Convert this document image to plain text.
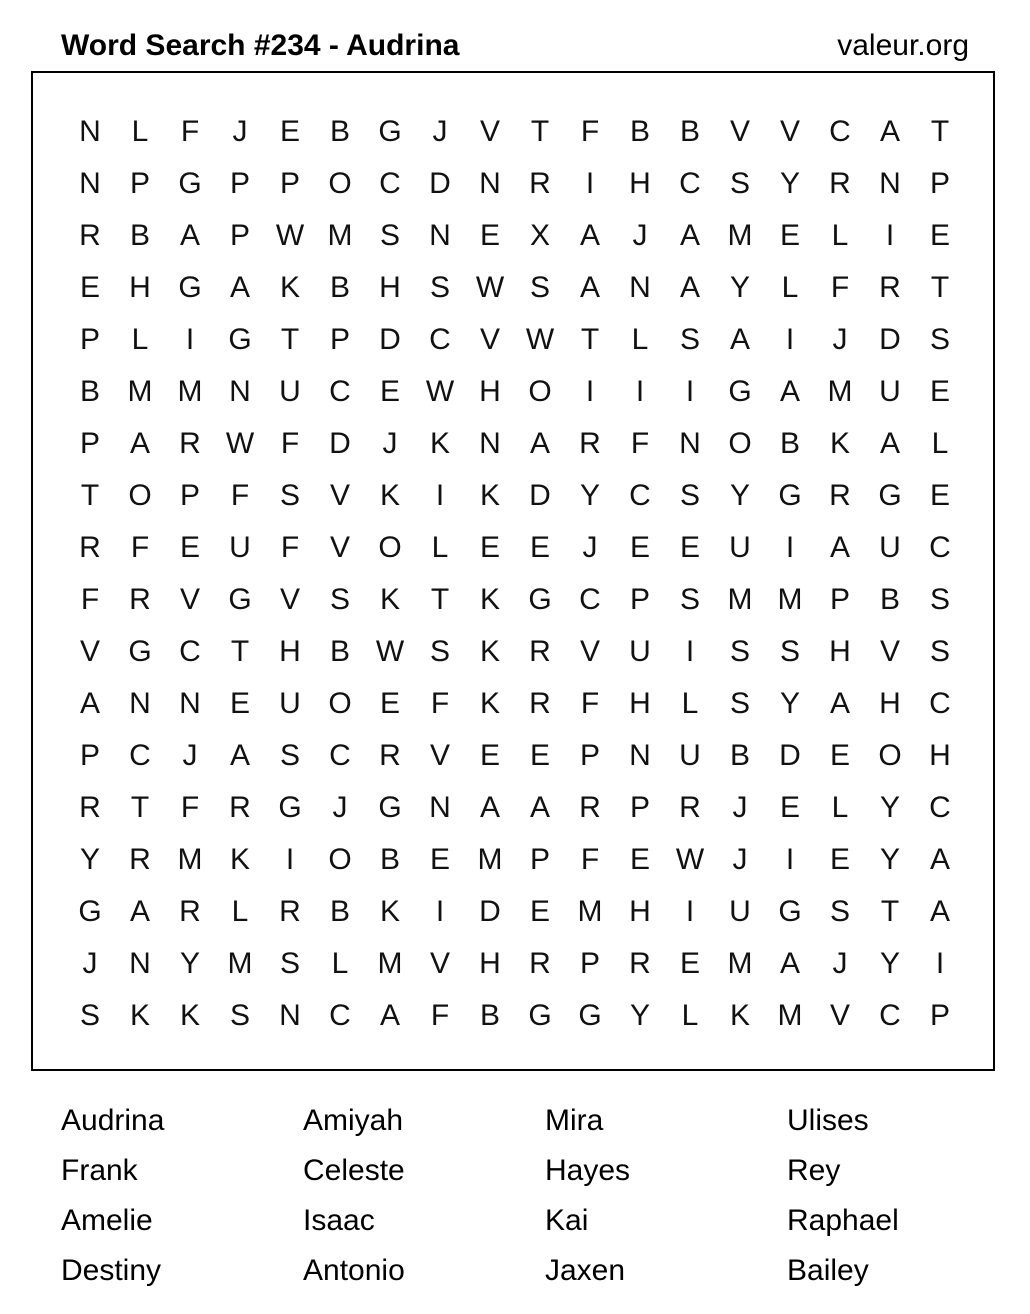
Word Search #234 - Audrina	valeur.org
N	L	F	J	E B G	J	V	T	F	B B V V C A	T
N P G P P O C D N R	I	H C S Y R N P
R B A P W M S N E X A	J	A M E	L	I	E
E H G A K B H S W S A N A Y	L	F	R	T
P	L	I	G T	P D C V W T	L	S A	I	J	D S
B M M N U C E W H O	I	I	I	G A M U E
P A R W F	D	J	K N A R	F	N O B K A	L
T O P	F	S V K	I	K D Y C S Y G R G E
R	F	E U	F	V O L	E E	J	E E U	I	A U C
F	R V G V S K	T	K G C P S M M P B S
V G C	T	H B W S K R V U	I	S S H V S
A N N E U O E	F	K R	F	H	L	S Y A H C
P C	J	A S C R V E E P N U B D E O H
R	T	F	R G	J	G N A A R P R	J	E	L	Y C
Y R M K	I	O B E M P	F	E W J	I	E Y A
G A R	L	R B K	I	D E M H	I	U G S	T	A
J	N Y M S	L M V H R P R E M A	J	Y	I
S K K S N C A	F	B G G Y	L	K M V C P
Audrina
Frank
Amelie
Destiny
Amiyah
Celeste
Isaac
Antonio
Mira
Hayes
Kai
Jaxen
Ulises
Rey
Raphael
Bailey
